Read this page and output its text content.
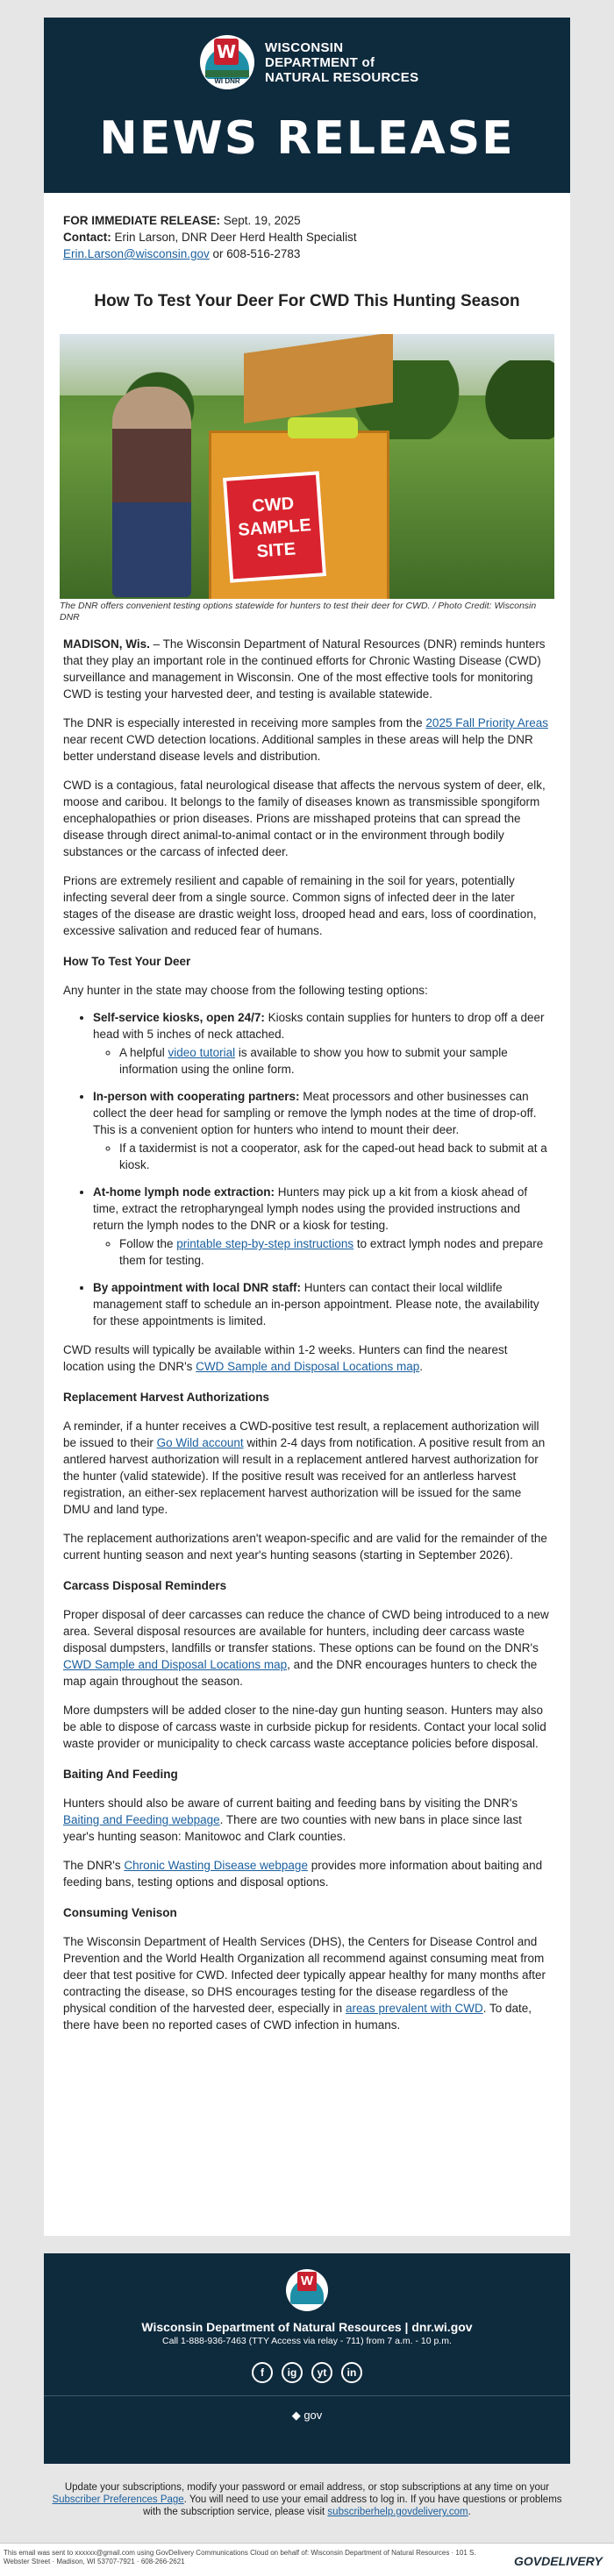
W
WI DNR
WISCONSIN
DEPARTMENT of
NATURAL RESOURCES
NEWS RELEASE
FOR IMMEDIATE RELEASE: Sept. 19, 2025
Contact: Erin Larson, DNR Deer Herd Health Specialist
Erin.Larson@wisconsin.gov or 608-516-2783
How To Test Your Deer For CWD This Hunting Season
CWD SAMPLE SITE
The DNR offers convenient testing options statewide for hunters to test their deer for CWD. / Photo Credit: Wisconsin DNR

MADISON, Wis. – The Wisconsin Department of Natural Resources (DNR) reminds hunters that they play an important role in the continued efforts for Chronic Wasting Disease (CWD) surveillance and management in Wisconsin. One of the most effective tools for monitoring CWD is testing your harvested deer, and testing is available statewide.

The DNR is especially interested in receiving more samples from the 2025 Fall Priority Areas near recent CWD detection locations. Additional samples in these areas will help the DNR better understand disease levels and distribution.

CWD is a contagious, fatal neurological disease that affects the nervous system of deer, elk, moose and caribou. It belongs to the family of diseases known as transmissible spongiform encephalopathies or prion diseases. Prions are misshaped proteins that can spread the disease through direct animal-to-animal contact or in the environment through bodily substances or the carcass of infected deer.

Prions are extremely resilient and capable of remaining in the soil for years, potentially infecting several deer from a single source. Common signs of infected deer in the later stages of the disease are drastic weight loss, drooped head and ears, loss of coordination, excessive salivation and reduced fear of humans.

How To Test Your Deer

Any hunter in the state may choose from the following testing options:

• Self-service kiosks, open 24/7: Kiosks contain supplies for hunters to drop off a deer head with 5 inches of neck attached.
◦ A helpful video tutorial is available to show you how to submit your sample information using the online form.
• In-person with cooperating partners: Meat processors and other businesses can collect the deer head for sampling or remove the lymph nodes at the time of drop-off. This is a convenient option for hunters who intend to mount their deer.
◦ If a taxidermist is not a cooperator, ask for the caped-out head back to submit at a kiosk.
• At-home lymph node extraction: Hunters may pick up a kit from a kiosk ahead of time, extract the retropharyngeal lymph nodes using the provided instructions and return the lymph nodes to the DNR or a kiosk for testing.
◦ Follow the printable step-by-step instructions to extract lymph nodes and prepare them for testing.
• By appointment with local DNR staff: Hunters can contact their local wildlife management staff to schedule an in-person appointment. Please note, the availability for these appointments is limited.

CWD results will typically be available within 1-2 weeks. Hunters can find the nearest location using the DNR's CWD Sample and Disposal Locations map.

Replacement Harvest Authorizations

A reminder, if a hunter receives a CWD-positive test result, a replacement authorization will be issued to their Go Wild account within 2-4 days from notification. A positive result from an antlered harvest authorization will result in a replacement antlered harvest authorization for the hunter (valid statewide). If the positive result was received for an antlerless harvest registration, an either-sex replacement harvest authorization will be issued for the same DMU and land type.

The replacement authorizations aren't weapon-specific and are valid for the remainder of the current hunting season and next year's hunting seasons (starting in September 2026).

Carcass Disposal Reminders

Proper disposal of deer carcasses can reduce the chance of CWD being introduced to a new area. Several disposal resources are available for hunters, including deer carcass waste disposal dumpsters, landfills or transfer stations. These options can be found on the DNR's CWD Sample and Disposal Locations map, and the DNR encourages hunters to check the map again throughout the season.

More dumpsters will be added closer to the nine-day gun hunting season. Hunters may also be able to dispose of carcass waste in curbside pickup for residents. Contact your local solid waste provider or municipality to check carcass waste acceptance policies before disposal.

Baiting And Feeding

Hunters should also be aware of current baiting and feeding bans by visiting the DNR's Baiting and Feeding webpage. There are two counties with new bans in place since last year's hunting season: Manitowoc and Clark counties.

The DNR's Chronic Wasting Disease webpage provides more information about baiting and feeding bans, testing options and disposal options.

Consuming Venison

The Wisconsin Department of Health Services (DHS), the Centers for Disease Control and Prevention and the World Health Organization all recommend against consuming meat from deer that test positive for CWD. Infected deer typically appear healthy for many months after contracting the disease, so DHS encourages testing for the disease regardless of the physical condition of the harvested deer, especially in areas prevalent with CWD. To date, there have been no reported cases of CWD infection in humans.

W
Wisconsin Department of Natural Resources | dnr.wi.gov
Call 1-888-936-7463 (TTY Access via relay - 711) from 7 a.m. - 10 p.m.
f	ig	yt	in
◆ gov
Update your subscriptions, modify your password or email address, or stop subscriptions at any time on your Subscriber Preferences Page. You will need to use your email address to log in. If you have questions or problems with the subscription service, please visit subscriberhelp.govdelivery.com.
This email was sent to xxxxxx@gmail.com using GovDelivery Communications Cloud on behalf of: Wisconsin Department of Natural Resources · 101 S. Webster Street · Madison, WI 53707-7921 · 608-266-2621	GOVDELIVERY
